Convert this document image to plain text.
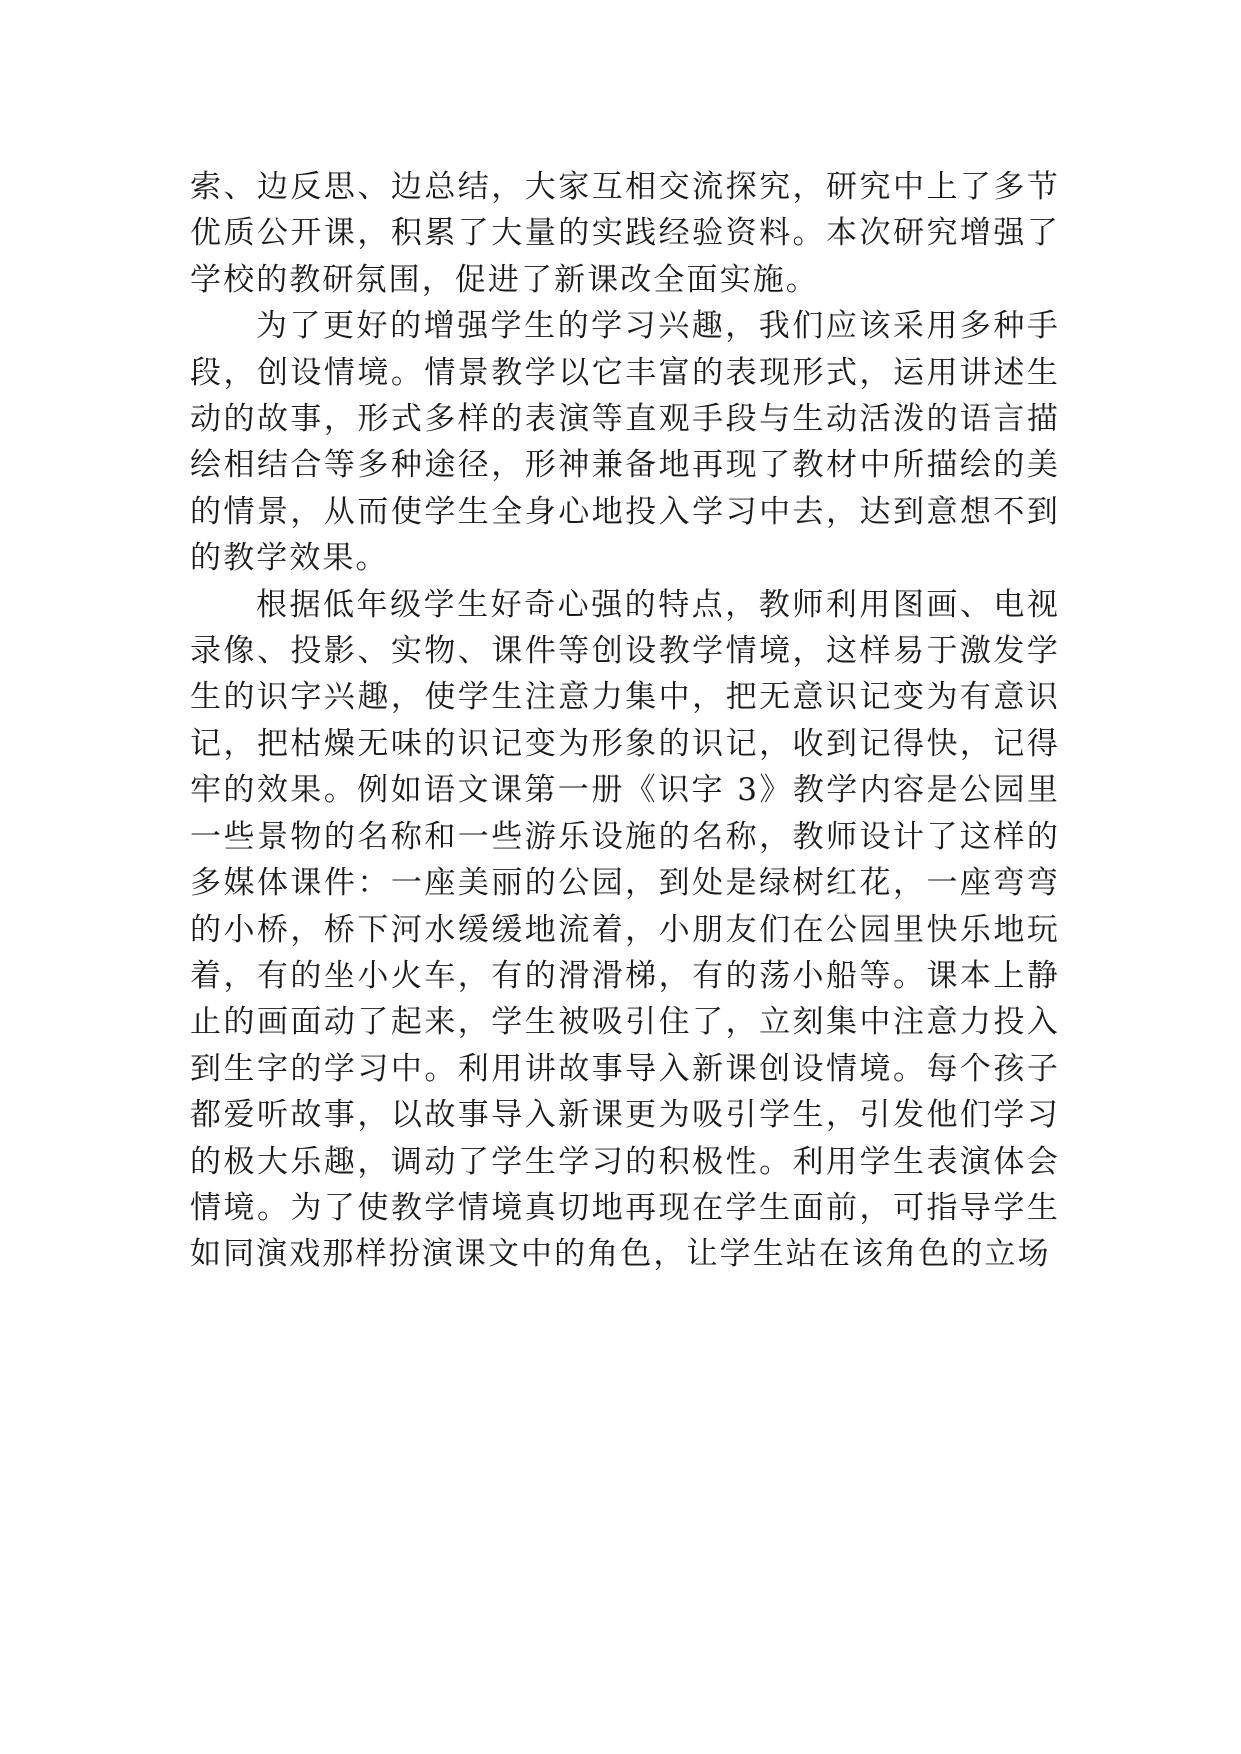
索、边反思、边总结，大家互相交流探究，研究中上了多节优质公开课，积累了大量的实践经验资料。本次研究增强了学校的教研氛围，促进了新课改全面实施。

为了更好的增强学生的学习兴趣，我们应该采用多种手段，创设情境。情景教学以它丰富的表现形式，运用讲述生动的故事，形式多样的表演等直观手段与生动活泼的语言描绘相结合等多种途径，形神兼备地再现了教材中所描绘的美的情景，从而使学生全身心地投入学习中去，达到意想不到的教学效果。

根据低年级学生好奇心强的特点，教师利用图画、电视录像、投影、实物、课件等创设教学情境，这样易于激发学生的识字兴趣，使学生注意力集中，把无意识记变为有意识记，把枯燥无味的识记变为形象的识记，收到记得快，记得牢的效果。例如语文课第一册《识字 3》教学内容是公园里一些景物的名称和一些游乐设施的名称，教师设计了这样的多媒体课件：一座美丽的公园，到处是绿树红花，一座弯弯的小桥，桥下河水缓缓地流着，小朋友们在公园里快乐地玩着，有的坐小火车，有的滑滑梯，有的荡小船等。课本上静止的画面动了起来，学生被吸引住了，立刻集中注意力投入到生字的学习中。利用讲故事导入新课创设情境。每个孩子都爱听故事，以故事导入新课更为吸引学生，引发他们学习的极大乐趣，调动了学生学习的积极性。利用学生表演体会情境。为了使教学情境真切地再现在学生面前，可指导学生如同演戏那样扮演课文中的角色，让学生站在该角色的立场
